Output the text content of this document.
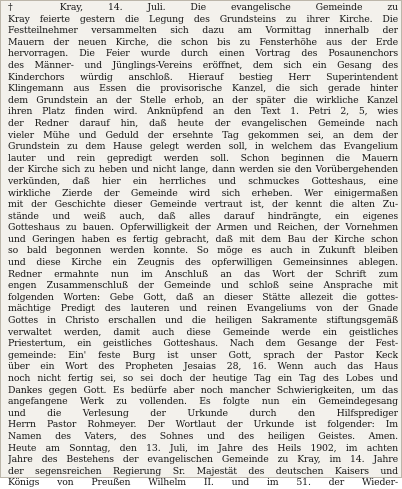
† Kray, 14. Juli. Die evangelische Gemeinde zu
Kray feierte gestern die Legung des Grundsteins zu ihrer Kirche. Die
Festteilnehmer versammelten sich dazu am Vormittag innerhalb der
Mauern der neuen Kirche, die schon bis zu Fensterhöhe aus der Erde
hervorragen. Die Feier wurde durch einen Vortrag des Posaunenchors
des Männer- und Jünglings-Vereins eröffnet, dem sich ein Gesang des
Kinderchors würdig anschloß. Hierauf bestieg Herr Superintendent
Klingemann aus Essen die provisorische Kanzel, die sich gerade hinter
dem Grundstein an der Stelle erhob, an der später die wirkliche Kanzel
ihren Platz finden wird. Anknüpfend an den Text 1. Petri 2, 5, wies
der Redner darauf hin, daß heute der evangelischen Gemeinde nach
vieler Mühe und Geduld der ersehnte Tag gekommen sei, an dem der
Grundstein zu dem Hause gelegt werden soll, in welchem das Evangelium
lauter und rein gepredigt werden soll. Schon beginnen die Mauern
der Kirche sich zu heben und nicht lange, dann werden sie den Vorübergehenden
verkünden, daß hier ein herrliches und schmuckes Gotteshaus, eine
wirkliche Zierde der Gemeinde wird sich erheben. Wer einigermaßen
mit der Geschichte dieser Gemeinde vertraut ist, der kennt die alten Zu-
stände und weiß auch, daß alles darauf hindrängte, ein eigenes
Gotteshaus zu bauen. Opferwilligkeit der Armen und Reichen, der Vornehmen
und Geringen haben es fertig gebracht, daß mit dem Bau der Kirche schon
so bald begonnen werden konnte. So möge es auch in Zukunft bleiben
und diese Kirche ein Zeugnis des opferwilligen Gemeinsinnes ablegen.
Redner ermahnte nun im Anschluß an das Wort der Schrift zum
engen Zusammenschluß der Gemeinde und schloß seine Ansprache mit
folgenden Worten: Gebe Gott, daß an dieser Stätte allezeit die gottes-
mächtige Predigt des lauteren und reinen Evangeliums von der Gnade
Gottes in Christo erschallen und die heiligen Sakramente stiftungsgemäß
verwaltet werden, damit auch diese Gemeinde werde ein geistliches
Priestertum, ein geistliches Gotteshaus. Nach dem Gesange der Fest-
gemeinde: Ein' feste Burg ist unser Gott, sprach der Pastor Keck
über ein Wort des Propheten Jesaias 28, 16. Wenn auch das Haus
noch nicht fertig sei, so sei doch der heutige Tag ein Tag des Lobes und
Dankes gegen Gott. Es bedürfe aber noch mancher Schwierigkeiten, um das
angefangene Werk zu vollenden. Es folgte nun ein Gemeindegesang
und die Verlesung der Urkunde durch den Hilfsprediger
Herrn Pastor Rohmeyer. Der Wortlaut der Urkunde ist folgender: Im
Namen des Vaters, des Sohnes und des heiligen Geistes. Amen.
Heute am Sonntag, den 13. Juli, im Jahre des Heils 1902, im achten
Jahre des Bestehens der evangelischen Gemeinde zu Kray, im 14. Jahre
der segensreichen Regierung Sr. Majestät des deutschen Kaisers und
Königs von Preußen Wilhelm II. und im 51. der Wieder-
